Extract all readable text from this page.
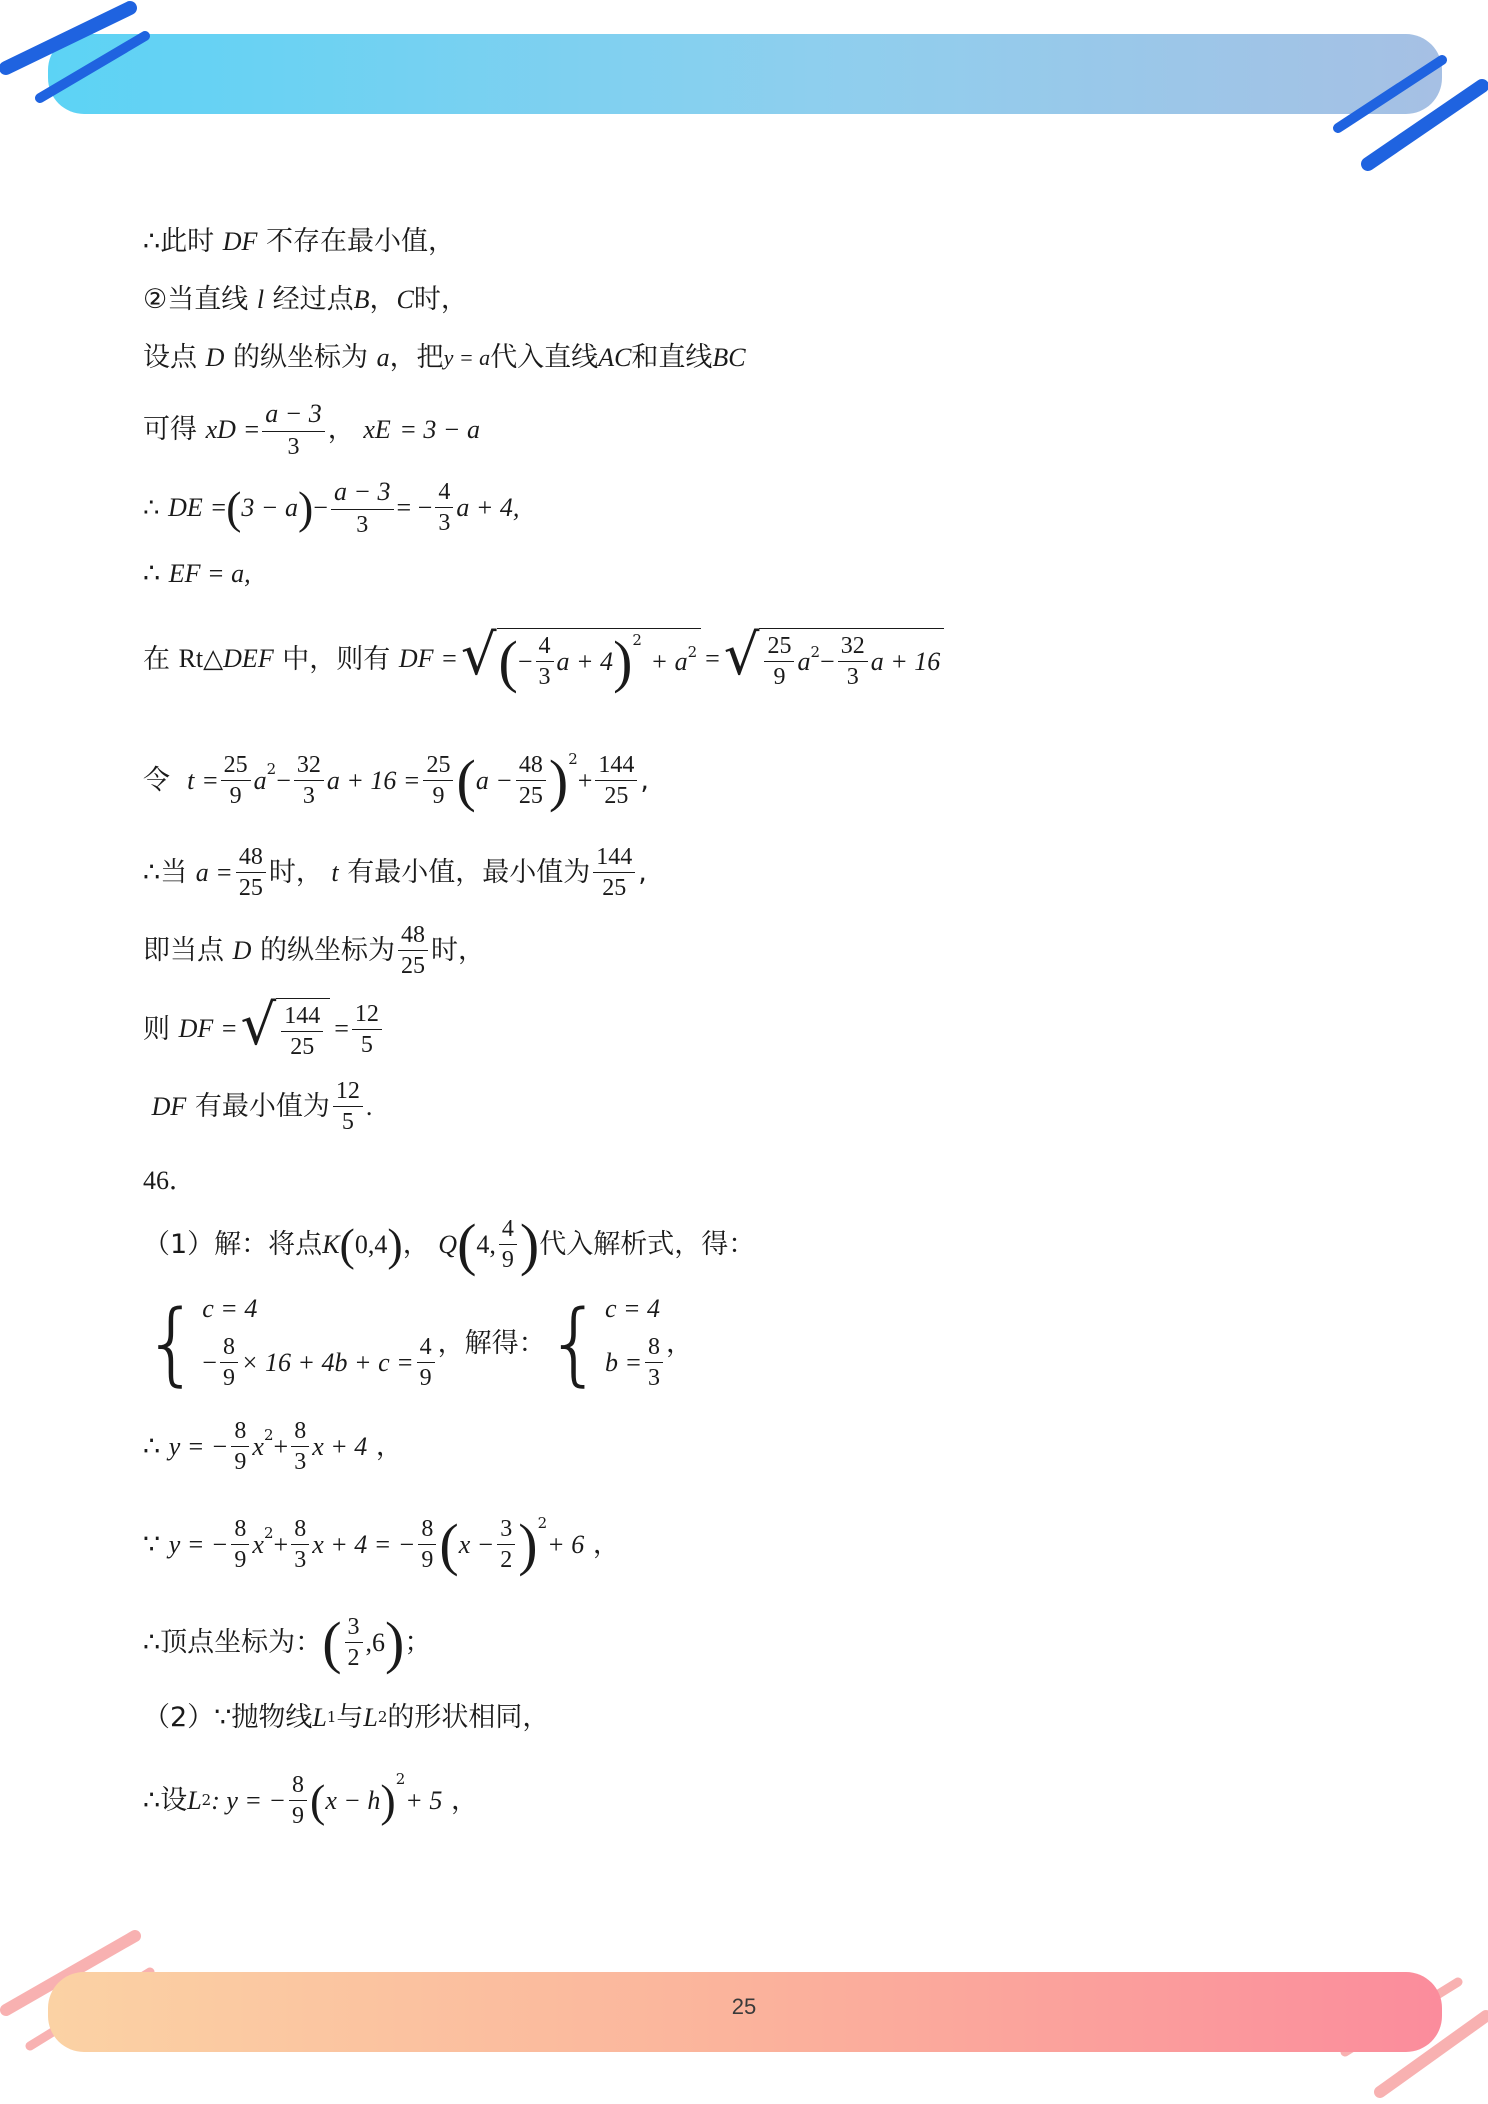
25
∴ 此时
DF
不存在最小值，
②当直线
l
经过点 B ， C 时，
设点
D
的纵坐标为
a ，把 y = a 代入直线 AC 和直线 BC
可得
x D
= $\frac{a - 3}{3}$ ，
x E
= 3 − a
∴
DE
= ( 3 − a ) − $\frac{a - 3}{3}$ = − $\frac{4}{3}$ a + 4,
∴
EF = a,
在
Rt△ DEF
中，则有
DF
= √ ( − $\frac{4}{3}$ a + 4 )$^2$

+ $a^2$ = √ $\frac{25}{9} a^2 - \frac{32}{3}$ a + 16
令
t
= $\frac{25}{9} a^2 - \frac{32}{3}$ $a + 16 = \frac{25}{9}$ ( $a - \frac{48}{25} )^2$
+ $\frac{144}{25}$ ,
∴ 当
$a = \frac{48}{25}$ 时，
t
有最小值，最小值为 $\frac{144}{25}$ ,
即当点
D
的纵坐标为 $\frac{48}{25}$ 时，
则
DF
= √ $\frac{144}{25} = \frac{12}{5}$

DF
有最小值为 $\frac{12}{5}$ .
46．
（1）解：将点 K ( 0,4 ) ，
Q ( 4, $\frac{4}{9}$ ) 代入解析式，得：
{ c = 4
− $\frac{8}{9} \times 16 + 4b + c = \frac{4}{9}$ ，解得： { c = 4
$b = \frac{8}{3}$ ，
∴
y = − $\frac{8}{9} x^2 + \frac{8}{3}$ x + 4
，
∵
y = − $\frac{8}{9} x^2 + \frac{8}{3}$ x + 4 = − $\frac{8}{9}$ ( $x - \frac{3}{2} )^2$
+ 6
，
∴ 顶点坐标为： ( $\frac{3}{2} ,6$ ) ；
（2） ∵ 抛物线 L 1 与 L 2 的形状相同，
∴ 设 L 2 : y = − $\frac{8}{9}$ ( x − h )$^2$
+ 5
，
